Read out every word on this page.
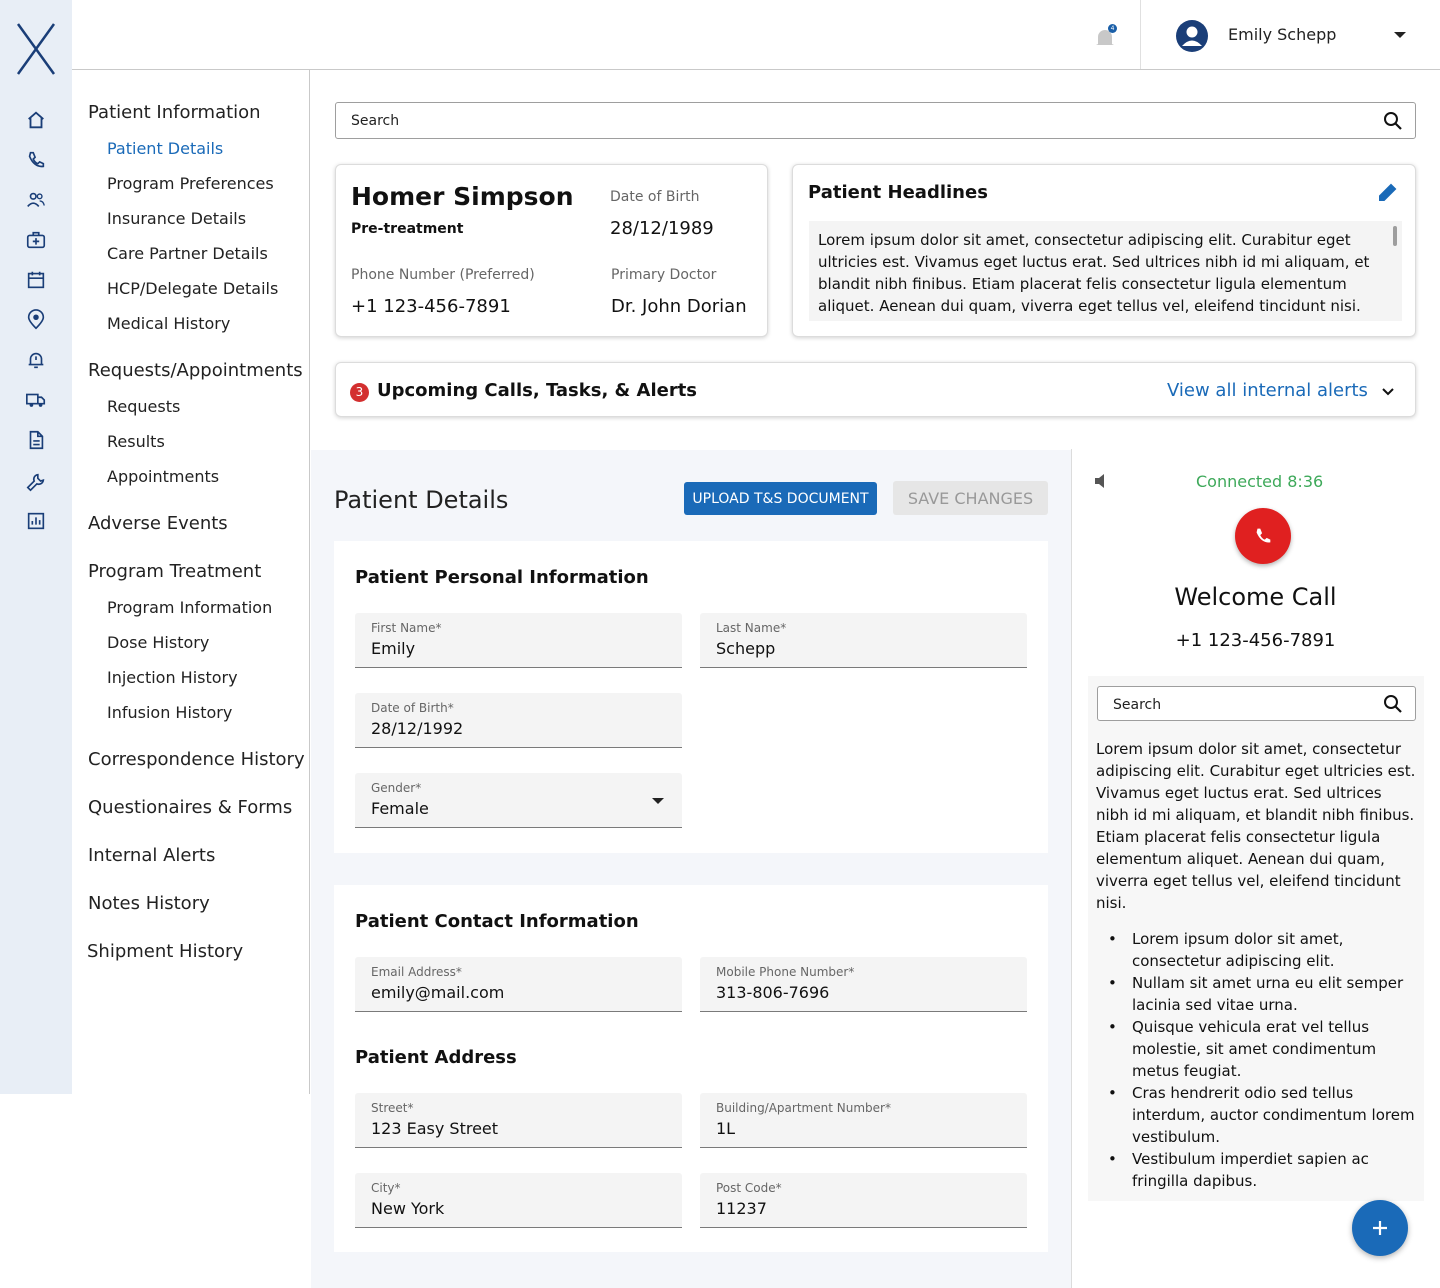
4	Emily Schepp
Patient Information
Patient Details
Program Preferences
Insurance Details
Care Partner Details
HCP/Delegate Details
Medical History
Requests/Appointments
Requests
Results
Appointments
Adverse Events
Program Treatment
Program Information
Dose History
Injection History
Infusion History
Correspondence History
Questionaires & Forms
Internal Alerts
Notes History
Shipment History
Search
Homer Simpson
Pre-treatment
Date of Birth
28/12/1989
Phone Number (Preferred)
+1 123-456-7891
Primary Doctor
Dr. John Dorian
Patient Headlines
Lorem ipsum dolor sit amet, consectetur adipiscing elit. Curabitur eget ultricies est. Vivamus eget luctus erat. Sed ultrices nibh id mi aliquam, et blandit nibh finibus. Etiam placerat felis consectetur ligula elementum aliquet. Aenean dui quam, viverra eget tellus vel, eleifend tincidunt nisi.
3 Upcoming Calls, Tasks, & Alerts	View all internal alerts
Patient Details	UPLOAD T&S DOCUMENT	SAVE CHANGES
Patient Personal Information
First Name*
Emily
Last Name*
Schepp
Date of Birth*
28/12/1992
Gender*
Female
Patient Contact Information
Email Address*
emily@mail.com
Mobile Phone Number*
313-806-7696
Patient Address
Street*
123 Easy Street
Building/Apartment Number*
1L
City*
New York
Post Code*
11237
Connected 8:36
Welcome Call
+1 123-456-7891
Search
Lorem ipsum dolor sit amet, consectetur adipiscing elit. Curabitur eget ultricies est. Vivamus eget luctus erat. Sed ultrices nibh id mi aliquam, et blandit nibh finibus. Etiam placerat felis consectetur ligula elementum aliquet. Aenean dui quam, viverra eget tellus vel, eleifend tincidunt nisi.
• Lorem ipsum dolor sit amet, consectetur adipiscing elit.
• Nullam sit amet urna eu elit semper lacinia sed vitae urna.
• Quisque vehicula erat vel tellus molestie, sit amet condimentum metus feugiat.
• Cras hendrerit odio sed tellus interdum, auctor condimentum lorem vestibulum.
• Vestibulum imperdiet sapien ac fringilla dapibus.
